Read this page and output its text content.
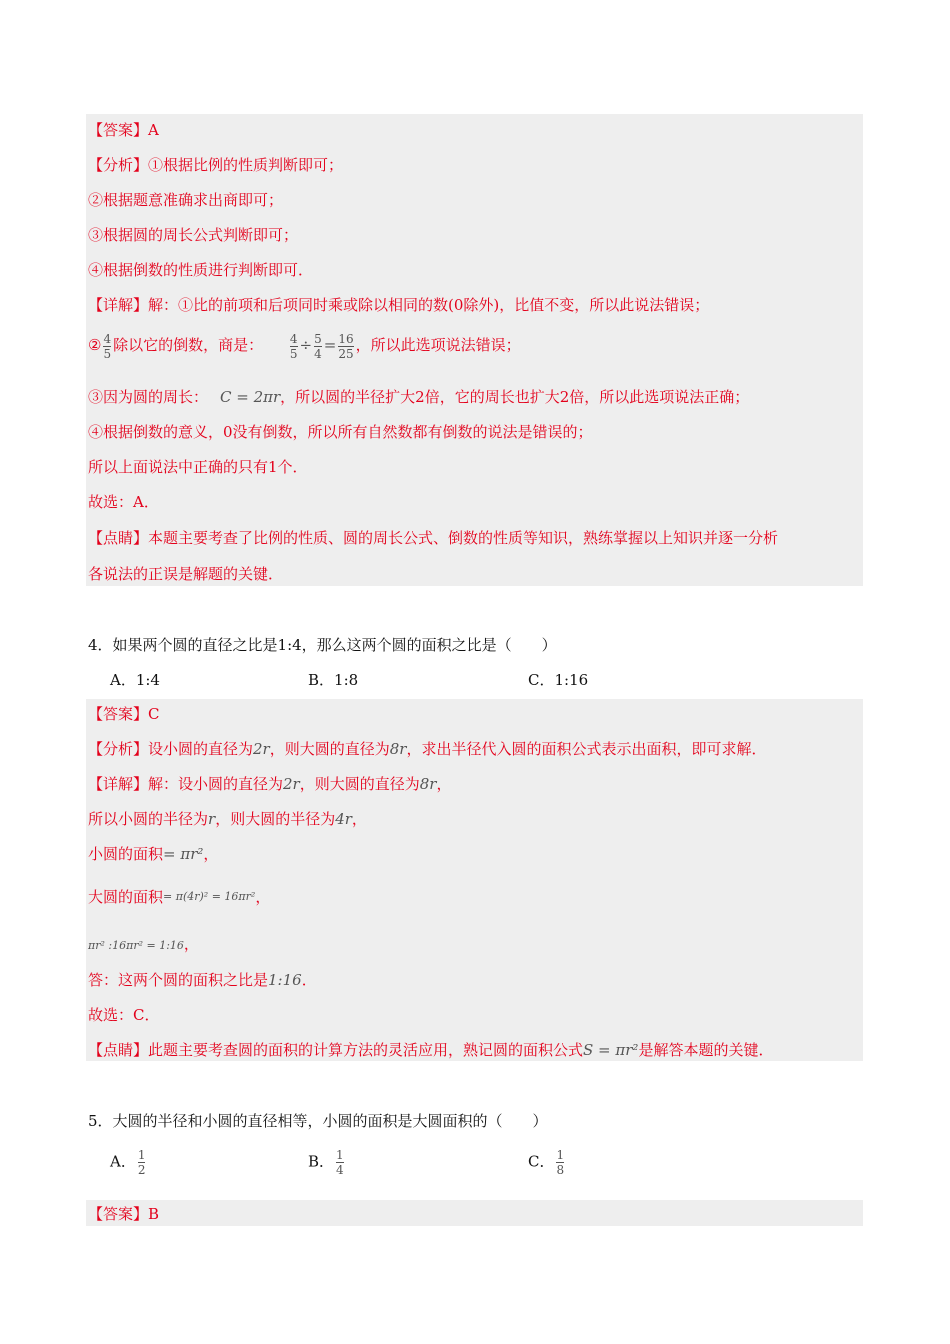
【答案】A
【分析】①根据比例的性质判断即可；
②根据题意准确求出商即可；
③根据圆的周长公式判断即可；
④根据倒数的性质进行判断即可．
【详解】解：①比的前项和后项同时乘或除以相同的数(0除外)，比值不变，所以此说法错误；
② $\frac{4}{5}$ 除以它的倒数，商是： $\frac{4}{5} \div \frac{5}{4} = \frac{16}{25}$ ，所以此选项说法错误；
③因为圆的周长： C = 2πr，所以圆的半径扩大2倍，它的周长也扩大2倍，所以此选项说法正确；
④根据倒数的意义，0没有倒数，所以所有自然数都有倒数的说法是错误的；
所以上面说法中正确的只有1个．
故选：A．
【点睛】本题主要考查了比例的性质、圆的周长公式、倒数的性质等知识，熟练掌握以上知识并逐一分析
各说法的正误是解题的关键．
4．如果两个圆的直径之比是1:4，那么这两个圆的面积之比是（　　）
A．1:4	B．1:8	C．1:16
【答案】C
【分析】设小圆的直径为2r，则大圆的直径为8r，求出半径代入圆的面积公式表示出面积，即可求解．
【详解】解：设小圆的直径为2r，则大圆的直径为8r，
所以小圆的半径为r，则大圆的半径为4r，
小圆的面积= πr²，
大圆的面积$^{= \pi(4r)^2 = 16\pi r^2}$，
πr² :16πr² = 1:16，
答：这两个圆的面积之比是1:16．
故选：C．
【点睛】此题主要考查圆的面积的计算方法的灵活应用，熟记圆的面积公式S = πr²是解答本题的关键．
5．大圆的半径和小圆的直径相等，小圆的面积是大圆面积的（　　）
A． $\frac{1}{2}$	B． $\frac{1}{4}$	C． $\frac{1}{8}$
【答案】B
